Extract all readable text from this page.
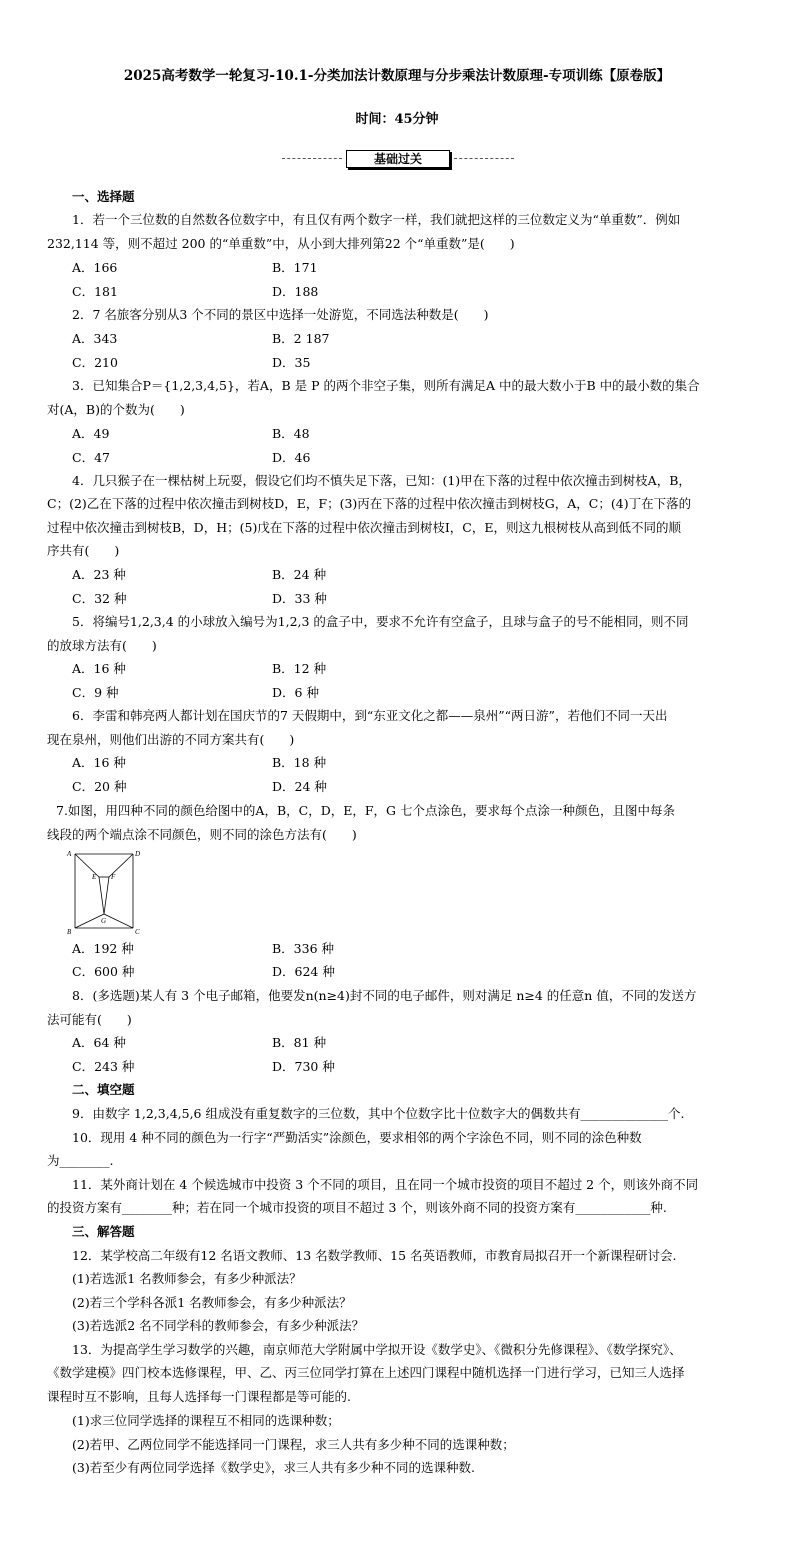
2025高考数学一轮复习-10.1-分类加法计数原理与分步乘法计数原理-专项训练【原卷版】
时间：45分钟
基础过关
一、选择题
1．若一个三位数的自然数各位数字中，有且仅有两个数字一样，我们就把这样的三位数定义为“单重数”．例如
232,114 等，则不超过 200 的“单重数”中，从小到大排列第22 个“单重数”是(　　)
A．166	B．171
C．181	D．188
2．7 名旅客分别从3 个不同的景区中选择一处游览，不同选法种数是(　　)
A．343	B．2 187
C．210	D．35
3．已知集合P＝{1,2,3,4,5}，若A，B 是 P 的两个非空子集，则所有满足A 中的最大数小于B 中的最小数的集合
对(A，B)的个数为(　　)
A．49	B．48
C．47	D．46
4．几只猴子在一棵枯树上玩耍，假设它们均不慎失足下落，已知：(1)甲在下落的过程中依次撞击到树枝A，B，
C；(2)乙在下落的过程中依次撞击到树枝D，E，F；(3)丙在下落的过程中依次撞击到树枝G，A，C；(4)丁在下落的
过程中依次撞击到树枝B，D，H；(5)戊在下落的过程中依次撞击到树枝I，C，E，则这九根树枝从高到低不同的顺
序共有(　　)
A．23 种	B．24 种
C．32 种	D．33 种
5．将编号1,2,3,4 的小球放入编号为1,2,3 的盒子中，要求不允许有空盒子，且球与盒子的号不能相同，则不同
的放球方法有(　　)
A．16 种	B．12 种
C．9 种	D．6 种
6．李雷和韩亮两人都计划在国庆节的7 天假期中，到“东亚文化之都——泉州”“两日游”，若他们不同一天出
现在泉州，则他们出游的不同方案共有(　　)
A．16 种	B．18 种
C．20 种	D．24 种
7.如图，用四种不同的颜色给图中的A，B，C，D，E，F，G 七个点涂色，要求每个点涂一种颜色，且图中每条
线段的两个端点涂不同颜色，则不同的涂色方法有(　　)
A	D
E F
G
B	C
A．192 种	B．336 种
C．600 种	D．624 种
8．(多选题)某人有 3 个电子邮箱，他要发n(n≥4)封不同的电子邮件，则对满足 n≥4 的任意n 值，不同的发送方
法可能有(　　)
A．64 种	B．81 种
C．243 种	D．730 种
二、填空题
9．由数字 1,2,3,4,5,6 组成没有重复数字的三位数，其中个位数字比十位数字大的偶数共有______________个.
10．现用 4 种不同的颜色为一行字“严勤活实”涂颜色，要求相邻的两个字涂色不同，则不同的涂色种数
为________.
11．某外商计划在 4 个候选城市中投资 3 个不同的项目，且在同一个城市投资的项目不超过 2 个，则该外商不同
的投资方案有________种；若在同一个城市投资的项目不超过 3 个，则该外商不同的投资方案有____________种.
三、解答题
12．某学校高二年级有12 名语文教师、13 名数学教师、15 名英语教师，市教育局拟召开一个新课程研讨会.
(1)若选派1 名教师参会，有多少种派法？
(2)若三个学科各派1 名教师参会，有多少种派法？
(3)若选派2 名不同学科的教师参会，有多少种派法？
13．为提高学生学习数学的兴趣，南京师范大学附属中学拟开设《数学史》、《微积分先修课程》、《数学探究》、
《数学建模》四门校本选修课程，甲、乙、丙三位同学打算在上述四门课程中随机选择一门进行学习，已知三人选择
课程时互不影响，且每人选择每一门课程都是等可能的.
(1)求三位同学选择的课程互不相同的选课种数；
(2)若甲、乙两位同学不能选择同一门课程，求三人共有多少种不同的选课种数；
(3)若至少有两位同学选择《数学史》，求三人共有多少种不同的选课种数.
